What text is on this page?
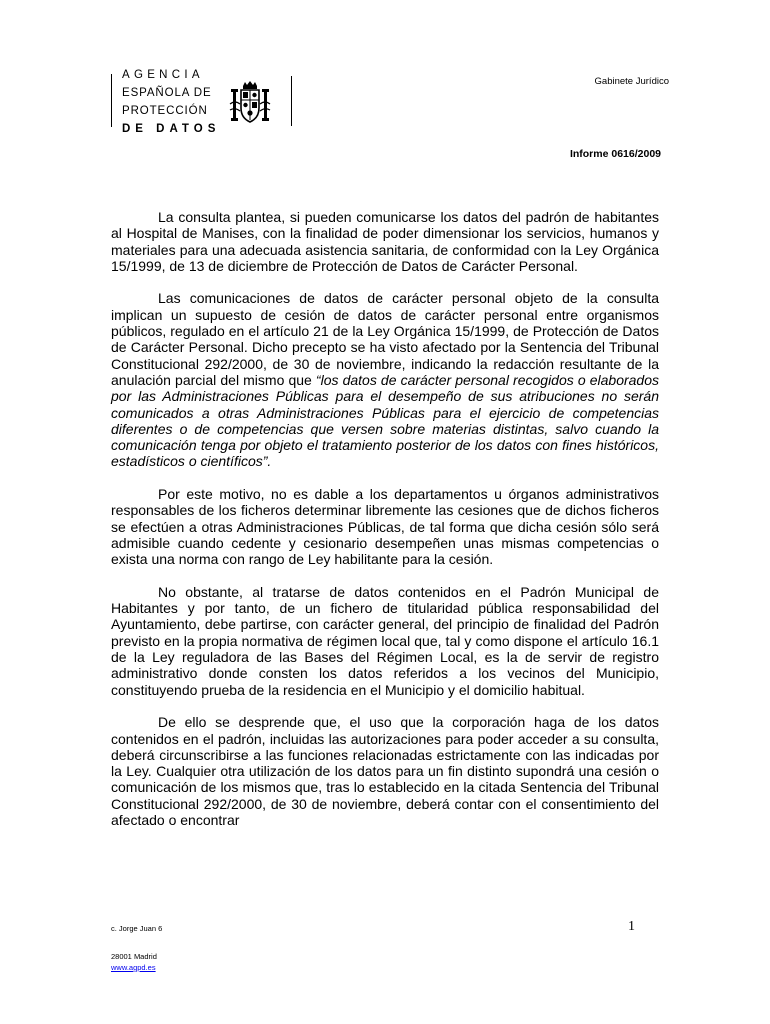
AGENCIA
ESPAÑOLA DE
PROTECCIÓN
DE DATOS
Gabinete Jurídico
Informe 0616/2009

La consulta plantea, si pueden comunicarse los datos del padrón de habitantes al Hospital de Manises, con la finalidad de poder dimensionar los servicios, humanos y materiales para una adecuada asistencia sanitaria, de conformidad con la Ley Orgánica 15/1999, de 13 de diciembre de Protección de Datos de Carácter Personal.

Las comunicaciones de datos de carácter personal objeto de la consulta implican un supuesto de cesión de datos de carácter personal entre organismos públicos, regulado en el artículo 21 de la Ley Orgánica 15/1999, de Protección de Datos de Carácter Personal. Dicho precepto se ha visto afectado por la Sentencia del Tribunal Constitucional 292/2000, de 30 de noviembre, indicando la redacción resultante de la anulación parcial del mismo que “los datos de carácter personal recogidos o elaborados por las Administraciones Públicas para el desempeño de sus atribuciones no serán comunicados a otras Administraciones Públicas para el ejercicio de competencias diferentes o de competencias que versen sobre materias distintas, salvo cuando la comunicación tenga por objeto el tratamiento posterior de los datos con fines históricos, estadísticos o científicos”.

Por este motivo, no es dable a los departamentos u órganos administrativos responsables de los ficheros determinar libremente las cesiones que de dichos ficheros se efectúen a otras Administraciones Públicas, de tal forma que dicha cesión sólo será admisible cuando cedente y cesionario desempeñen unas mismas competencias o exista una norma con rango de Ley habilitante para la cesión.

No obstante, al tratarse de datos contenidos en el Padrón Municipal de Habitantes y por tanto, de un fichero de titularidad pública responsabilidad del Ayuntamiento, debe partirse, con carácter general, del principio de finalidad del Padrón previsto en la propia normativa de régimen local que, tal y como dispone el artículo 16.1 de la Ley reguladora de las Bases del Régimen Local, es la de servir de registro administrativo donde consten los datos referidos a los vecinos del Municipio, constituyendo prueba de la residencia en el Municipio y el domicilio habitual.

De ello se desprende que, el uso que la corporación haga de los datos contenidos en el padrón, incluidas las autorizaciones para poder acceder a su consulta, deberá circunscribirse a las funciones relacionadas estrictamente con las indicadas por la Ley. Cualquier otra utilización de los datos para un fin distinto supondrá una cesión o comunicación de los mismos que, tras lo establecido en la citada Sentencia del Tribunal Constitucional 292/2000, de 30 de noviembre, deberá contar con el consentimiento del afectado o encontrar

c. Jorge Juan 6	1
28001 Madrid
www.agpd.es
